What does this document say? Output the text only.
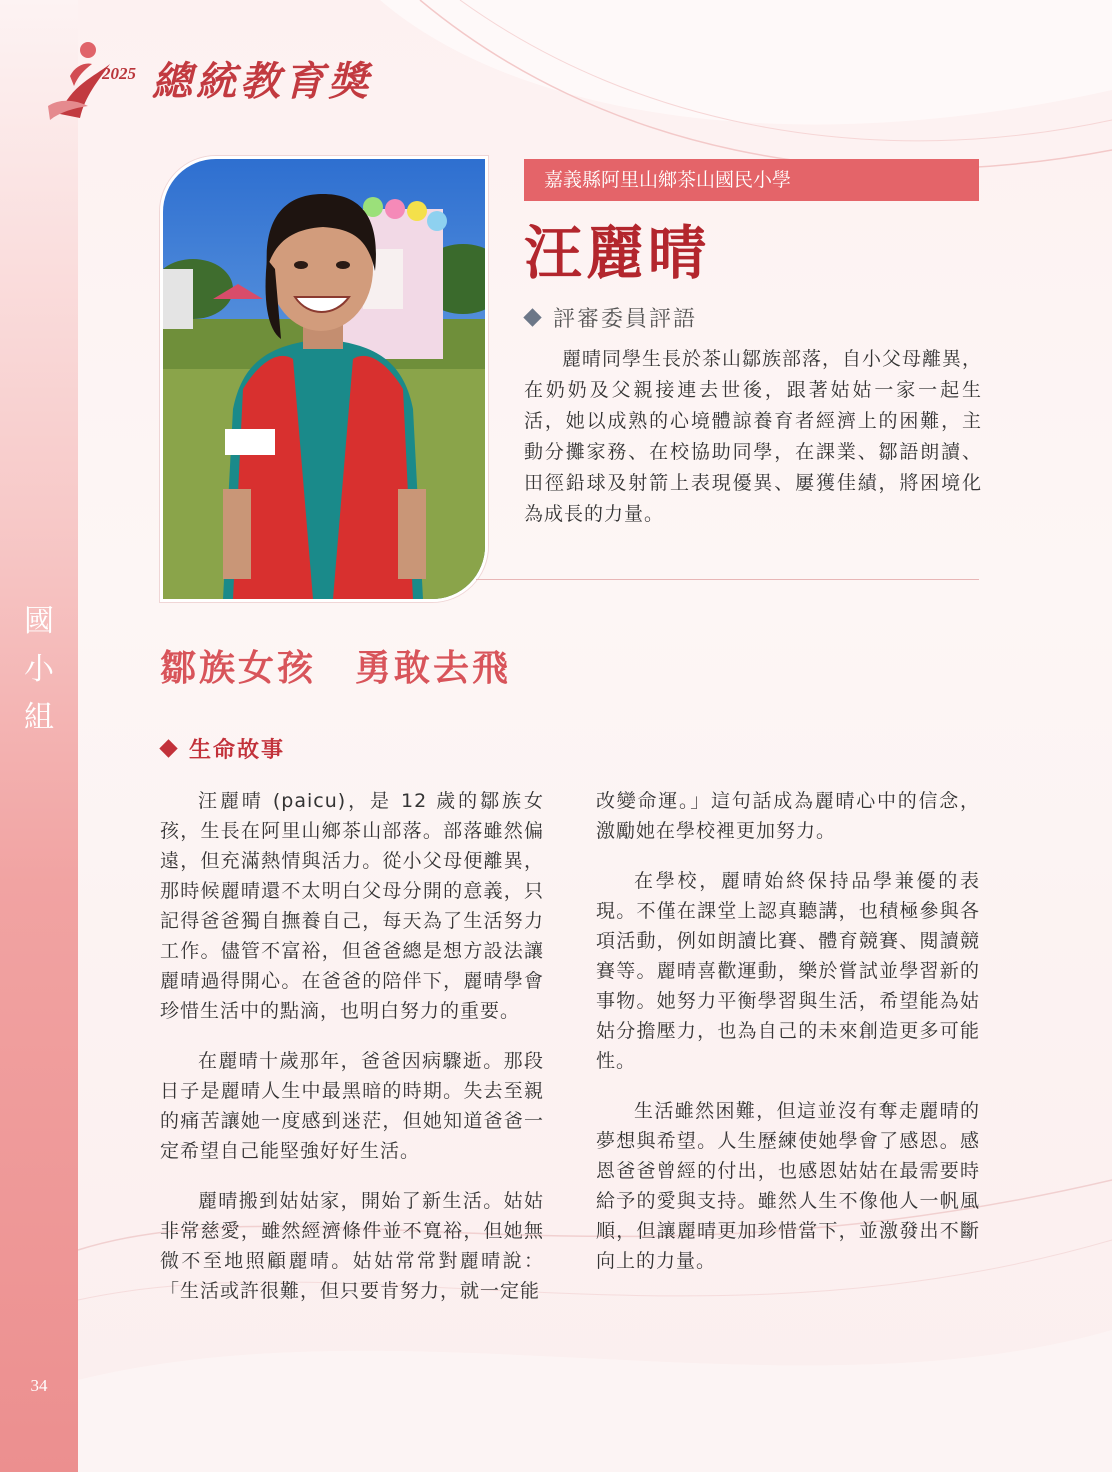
國
小
組
34
2025 總統教育獎
嘉義縣阿里山鄉茶山國民小學
汪麗晴
評審委員評語

麗晴同學生長於茶山鄒族部落，自小父母離異，在奶奶及父親接連去世後，跟著姑姑一家一起生活，她以成熟的心境體諒養育者經濟上的困難，主動分攤家務、在校協助同學，在課業、鄒語朗讀、田徑鉛球及射箭上表現優異、屢獲佳績，將困境化為成長的力量。

鄒族女孩　勇敢去飛
生命故事

汪麗晴 (paicu)，是 12 歲的鄒族女孩，生長在阿里山鄉茶山部落。部落雖然偏遠，但充滿熱情與活力。從小父母便離異，那時候麗晴還不太明白父母分開的意義，只記得爸爸獨自撫養自己，每天為了生活努力工作。儘管不富裕，但爸爸總是想方設法讓麗晴過得開心。在爸爸的陪伴下，麗晴學會珍惜生活中的點滴，也明白努力的重要。

在麗晴十歲那年，爸爸因病驟逝。那段日子是麗晴人生中最黑暗的時期。失去至親的痛苦讓她一度感到迷茫，但她知道爸爸一定希望自己能堅強好好生活。

麗晴搬到姑姑家，開始了新生活。姑姑非常慈愛，雖然經濟條件並不寬裕，但她無微不至地照顧麗晴。姑姑常常對麗晴說：「生活或許很難，但只要肯努力，就一定能

改變命運。」這句話成為麗晴心中的信念，激勵她在學校裡更加努力。

在學校，麗晴始終保持品學兼優的表現。不僅在課堂上認真聽講，也積極參與各項活動，例如朗讀比賽、體育競賽、閱讀競賽等。麗晴喜歡運動，樂於嘗試並學習新的事物。她努力平衡學習與生活，希望能為姑姑分擔壓力，也為自己的未來創造更多可能性。

生活雖然困難，但這並沒有奪走麗晴的夢想與希望。人生歷練使她學會了感恩。感恩爸爸曾經的付出，也感恩姑姑在最需要時給予的愛與支持。雖然人生不像他人一帆風順，但讓麗晴更加珍惜當下，並激發出不斷向上的力量。
